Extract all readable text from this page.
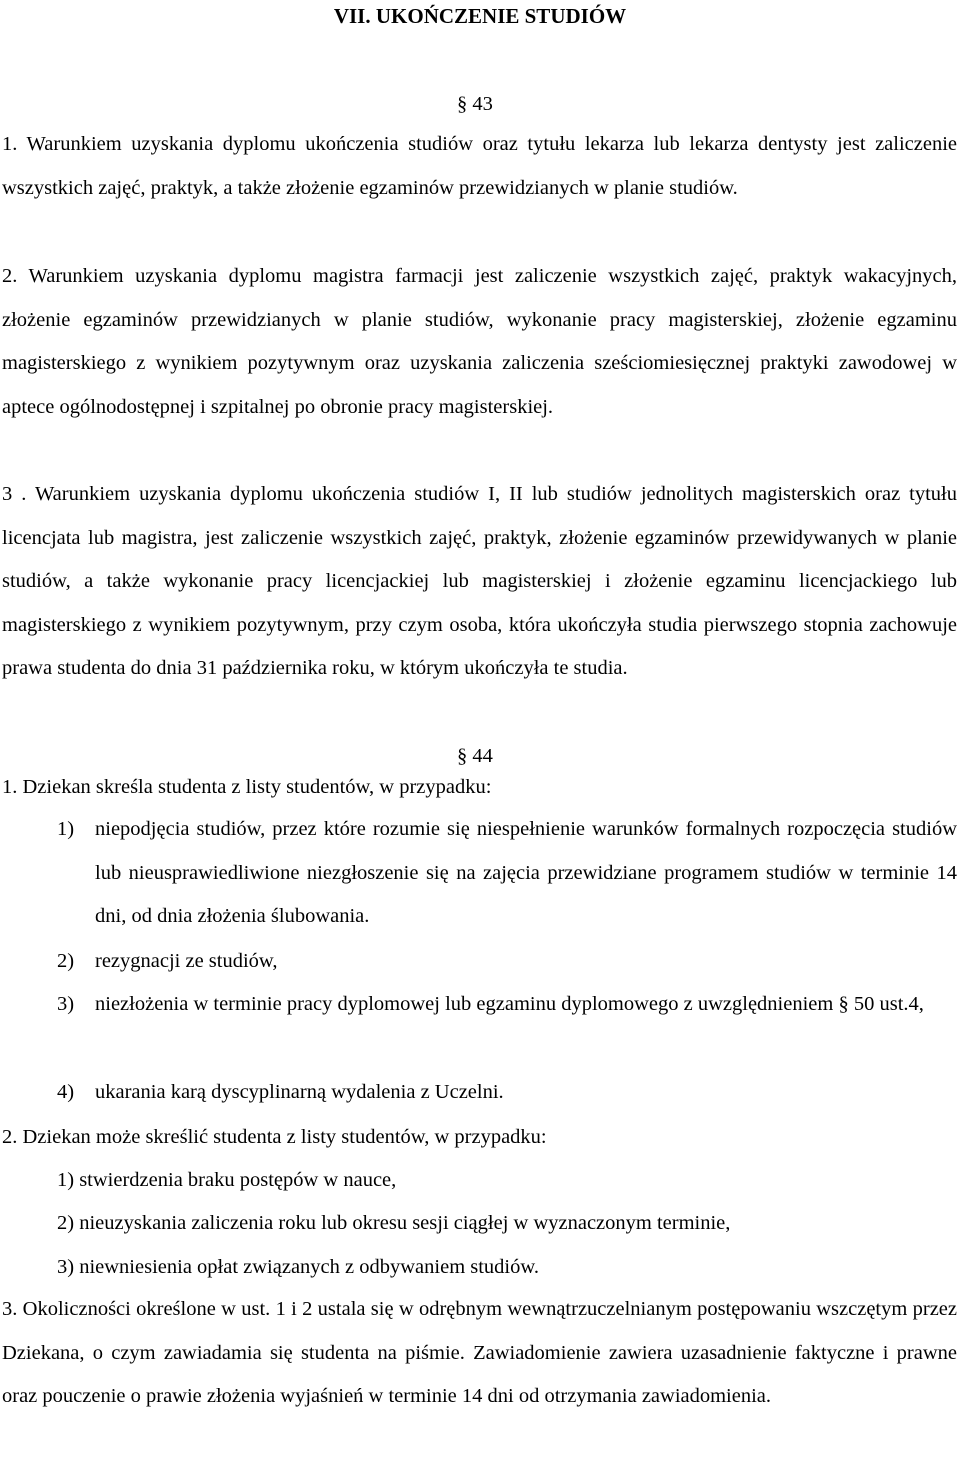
VII. UKOŃCZENIE STUDIÓW
§ 43

1. Warunkiem uzyskania dyplomu ukończenia studiów oraz tytułu lekarza lub lekarza dentysty jest zaliczenie wszystkich zajęć, praktyk, a także złożenie egzaminów przewidzianych w planie studiów.

2. Warunkiem uzyskania dyplomu magistra farmacji jest zaliczenie wszystkich zajęć, praktyk wakacyjnych, złożenie egzaminów przewidzianych w planie studiów, wykonanie pracy magisterskiej, złożenie egzaminu magisterskiego z wynikiem pozytywnym oraz uzyskania zaliczenia sześciomiesięcznej praktyki zawodowej w aptece ogólnodostępnej i szpitalnej po obronie pracy magisterskiej.

3 . Warunkiem uzyskania dyplomu ukończenia studiów I, II lub studiów jednolitych magisterskich oraz tytułu licencjata lub magistra, jest zaliczenie wszystkich zajęć, praktyk, złożenie egzaminów przewidywanych w planie studiów, a także wykonanie pracy licencjackiej lub magisterskiej i złożenie egzaminu licencjackiego lub magisterskiego z wynikiem pozytywnym, przy czym osoba, która ukończyła studia pierwszego stopnia zachowuje prawa studenta do dnia 31 października roku, w którym ukończyła te studia.

§ 44
1. Dziekan skreśla studenta z listy studentów, w przypadku:
1)	niepodjęcia studiów, przez które rozumie się niespełnienie warunków formalnych rozpoczęcia studiów lub nieusprawiedliwione niezgłoszenie się na zajęcia przewidziane programem studiów w terminie 14 dni, od dnia złożenia ślubowania.
2)	rezygnacji ze studiów,
3)	niezłożenia w terminie pracy dyplomowej lub egzaminu dyplomowego z uwzględnieniem § 50 ust.4,
4)	ukarania karą dyscyplinarną wydalenia z Uczelni.
2. Dziekan może skreślić studenta z listy studentów, w przypadku:
1) stwierdzenia braku postępów w nauce,
2) nieuzyskania zaliczenia roku lub okresu sesji ciągłej w wyznaczonym terminie,
3) niewniesienia opłat związanych z odbywaniem studiów.

3. Okoliczności określone w ust. 1 i 2 ustala się w odrębnym wewnątrzuczelnianym postępowaniu wszczętym przez Dziekana, o czym zawiadamia się studenta na piśmie. Zawiadomienie zawiera uzasadnienie faktyczne i prawne oraz pouczenie o prawie złożenia wyjaśnień w terminie 14 dni od otrzymania zawiadomienia.
